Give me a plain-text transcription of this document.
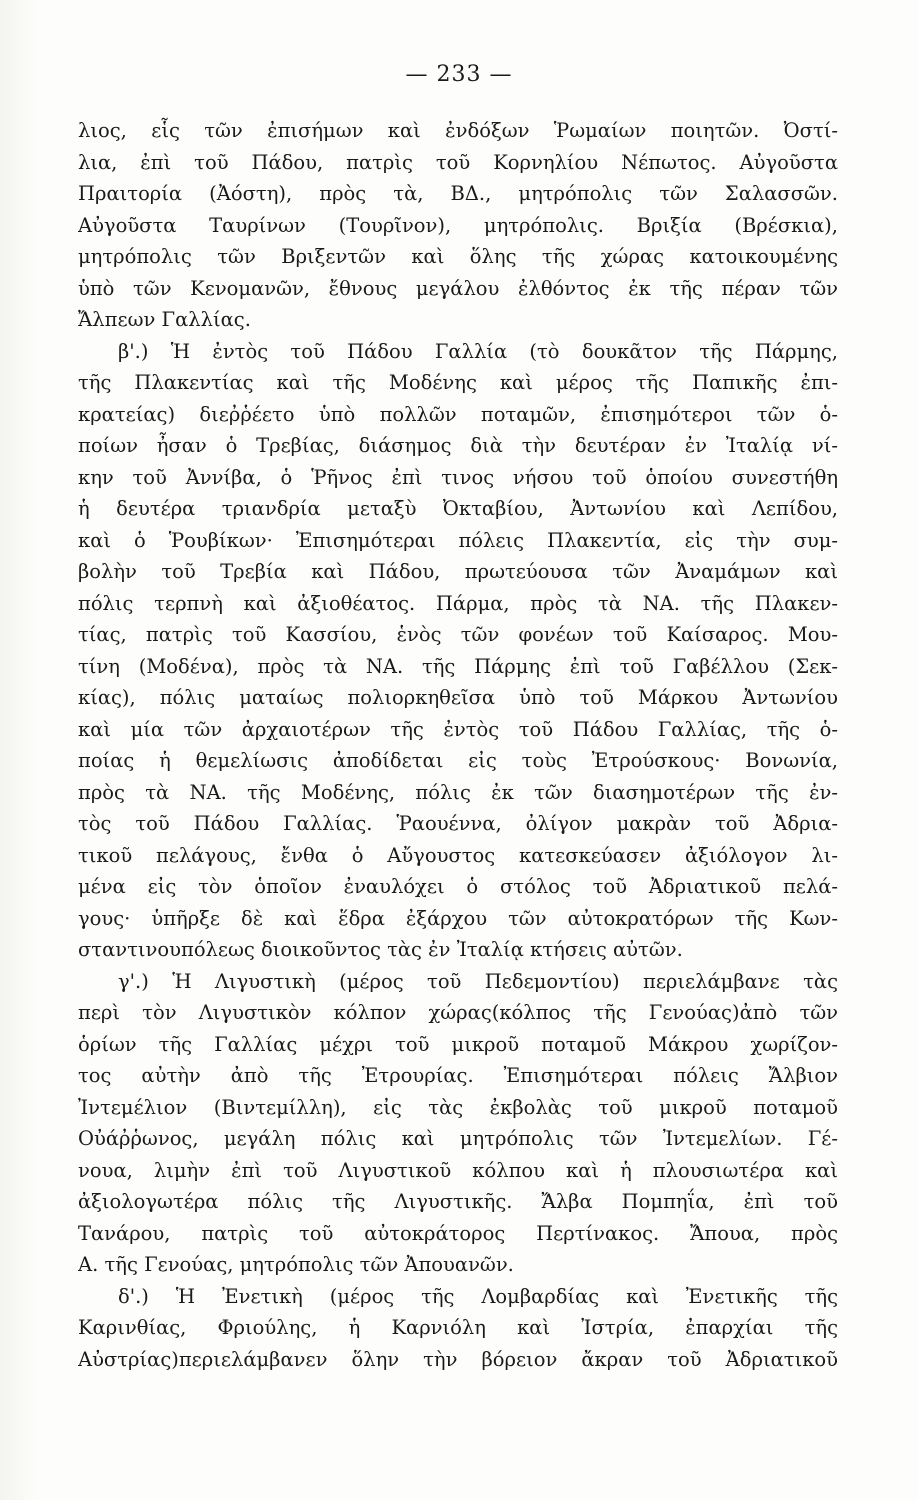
— 233 —
λιος, εἷς τῶν ἐπισήμων καὶ ἐνδόξων Ῥωμαίων ποιητῶν. Ὀστί-
λια, ἐπὶ τοῦ Πάδου, πατρὶς τοῦ Κορνηλίου Νέπωτος. Αὐγοῦστα
Πραιτορία (Ἀόστη), πρὸς τὰ, ΒΔ., μητρόπολις τῶν Σαλασσῶν.
Αὐγοῦστα Ταυρίνων (Τουρῖνον), μητρόπολις. Βριξία (Βρέσκια),
μητρόπολις τῶν Βριξεντῶν καὶ ὅλης τῆς χώρας κατοικουμένης
ὑπὸ τῶν Κενομανῶν, ἔθνους μεγάλου ἐλθόντος ἐκ τῆς πέραν τῶν
Ἄλπεων Γαλλίας.
β'.) Ἡ ἐντὸς τοῦ Πάδου Γαλλία (τὸ δουκᾶτον τῆς Πάρμης,
τῆς Πλακεντίας καὶ τῆς Μοδένης καὶ μέρος τῆς Παπικῆς ἐπι-
κρατείας) διεῤῥέετο ὑπὸ πολλῶν ποταμῶν, ἐπισημότεροι τῶν ὁ-
ποίων ἦσαν ὁ Τρεβίας, διάσημος διὰ τὴν δευτέραν ἐν Ἰταλίᾳ νί-
κην τοῦ Ἀννίβα, ὁ Ῥῆνος ἐπὶ τινος νήσου τοῦ ὁποίου συνεστήθη
ἡ δευτέρα τριανδρία μεταξὺ Ὀκταβίου, Ἀντωνίου καὶ Λεπίδου,
καὶ ὁ Ῥουβίκων· Ἐπισημότεραι πόλεις Πλακεντία, εἰς τὴν συμ-
βολὴν τοῦ Τρεβία καὶ Πάδου, πρωτεύουσα τῶν Ἀναμάμων καὶ
πόλις τερπνὴ καὶ ἀξιοθέατος. Πάρμα, πρὸς τὰ ΝΑ. τῆς Πλακεν-
τίας, πατρὶς τοῦ Κασσίου, ἑνὸς τῶν φονέων τοῦ Καίσαρος. Μου-
τίνη (Μοδένα), πρὸς τὰ ΝΑ. τῆς Πάρμης ἐπὶ τοῦ Γαβέλλου (Σεκ-
κίας), πόλις ματαίως πολιορκηθεῖσα ὑπὸ τοῦ Μάρκου Ἀντωνίου
καὶ μία τῶν ἀρχαιοτέρων τῆς ἐντὸς τοῦ Πάδου Γαλλίας, τῆς ὁ-
ποίας ἡ θεμελίωσις ἀποδίδεται εἰς τοὺς Ἐτρούσκους· Βονωνία,
πρὸς τὰ ΝΑ. τῆς Μοδένης, πόλις ἐκ τῶν διασημοτέρων τῆς ἐν-
τὸς τοῦ Πάδου Γαλλίας. Ῥαουέννα, ὀλίγον μακρὰν τοῦ Ἀδρια-
τικοῦ πελάγους, ἔνθα ὁ Αὔγουστος κατεσκεύασεν ἀξιόλογον λι-
μένα εἰς τὸν ὁποῖον ἐναυλόχει ὁ στόλος τοῦ Ἀδριατικοῦ πελά-
γους· ὑπῆρξε δὲ καὶ ἕδρα ἐξάρχου τῶν αὐτοκρατόρων τῆς Κων-
σταντινουπόλεως διοικοῦντος τὰς ἐν Ἰταλίᾳ κτήσεις αὐτῶν.
γ'.) Ἡ Λιγυστικὴ (μέρος τοῦ Πεδεμοντίου) περιελάμβανε τὰς
περὶ τὸν Λιγυστικὸν κόλπον χώρας(κόλπος τῆς Γενούας)ἀπὸ τῶν
ὁρίων τῆς Γαλλίας μέχρι τοῦ μικροῦ ποταμοῦ Μάκρου χωρίζον-
τος αὐτὴν ἀπὸ τῆς Ἐτρουρίας. Ἐπισημότεραι πόλεις Ἄλβιον
Ἰντεμέλιον (Βιντεμίλλη), εἰς τὰς ἐκβολὰς τοῦ μικροῦ ποταμοῦ
Οὐάῤῥωνος, μεγάλη πόλις καὶ μητρόπολις τῶν Ἰντεμελίων. Γέ-
νουα, λιμὴν ἐπὶ τοῦ Λιγυστικοῦ κόλπου καὶ ἡ πλουσιωτέρα καὶ
ἀξιολογωτέρα πόλις τῆς Λιγυστικῆς. Ἄλβα Πομπηΐα, ἐπὶ τοῦ
Τανάρου, πατρὶς τοῦ αὐτοκράτορος Περτίνακος. Ἄπουα, πρὸς
Α. τῆς Γενούας, μητρόπολις τῶν Ἀπουανῶν.
δ'.) Ἡ Ἐνετικὴ (μέρος τῆς Λομβαρδίας καὶ Ἐνετικῆς τῆς
Καρινθίας, Φριούλης, ἡ Καρνιόλη καὶ Ἰστρία, ἐπαρχίαι τῆς
Αὐστρίας)περιελάμβανεν ὅλην τὴν βόρειον ἄκραν τοῦ Ἀδριατικοῦ
